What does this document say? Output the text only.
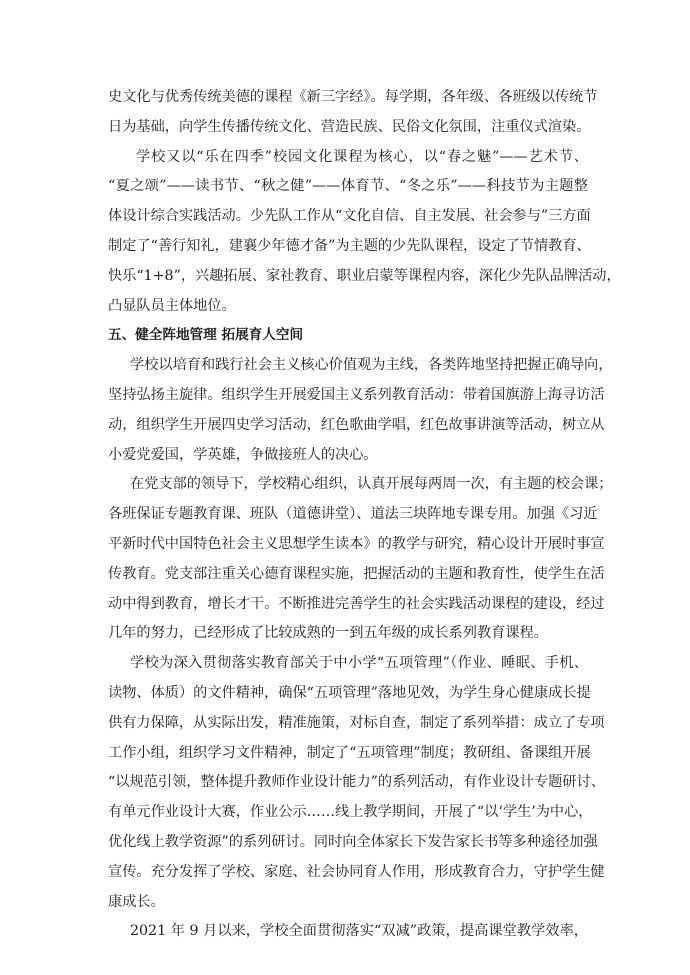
史文化与优秀传统美德的课程《新三字经》。每学期，各年级、各班级以传统节

日为基础，向学生传播传统文化、营造民族、民俗文化氛围，注重仪式渲染。

学校又以“乐在四季”校园文化课程为核心，以“春之魅”——艺术节、

“夏之颂”——读书节、“秋之健”——体育节、“冬之乐”——科技节为主题整

体设计综合实践活动。少先队工作从“文化自信、自主发展、社会参与”三方面

制定了“善行知礼，建襄少年德才备”为主题的少先队课程，设定了节情教育、

快乐“1+8”，兴趣拓展、家社教育、职业启蒙等课程内容，深化少先队品牌活动，

凸显队员主体地位。

五、健全阵地管理 拓展育人空间

学校以培育和践行社会主义核心价值观为主线，各类阵地坚持把握正确导向，

坚持弘扬主旋律。组织学生开展爱国主义系列教育活动：带着国旗游上海寻访活

动，组织学生开展四史学习活动，红色歌曲学唱，红色故事讲演等活动，树立从

小爱党爱国，学英雄，争做接班人的决心。

在党支部的领导下，学校精心组织，认真开展每两周一次，有主题的校会课；

各班保证专题教育课、班队（道德讲堂）、道法三块阵地专课专用。加强《习近

平新时代中国特色社会主义思想学生读本》的教学与研究，精心设计开展时事宣

传教育。党支部注重关心德育课程实施，把握活动的主题和教育性，使学生在活

动中得到教育，增长才干。不断推进完善学生的社会实践活动课程的建设，经过

几年的努力，已经形成了比较成熟的一到五年级的成长系列教育课程。

学校为深入贯彻落实教育部关于中小学“五项管理”（作业、睡眠、手机、

读物、体质）的文件精神，确保“五项管理”落地见效，为学生身心健康成长提

供有力保障，从实际出发，精准施策，对标自查，制定了系列举措：成立了专项

工作小组，组织学习文件精神，制定了“五项管理”制度；教研组、备课组开展

“以规范引领，整体提升教师作业设计能力”的系列活动，有作业设计专题研讨、

有单元作业设计大赛，作业公示……线上教学期间，开展了“以‘学生’为中心，

优化线上教学资源”的系列研讨。同时向全体家长下发告家长书等多种途径加强

宣传。充分发挥了学校、家庭、社会协同育人作用，形成教育合力，守护学生健

康成长。

2021 年 9 月以来，学校全面贯彻落实“双减”政策，提高课堂教学效率，
